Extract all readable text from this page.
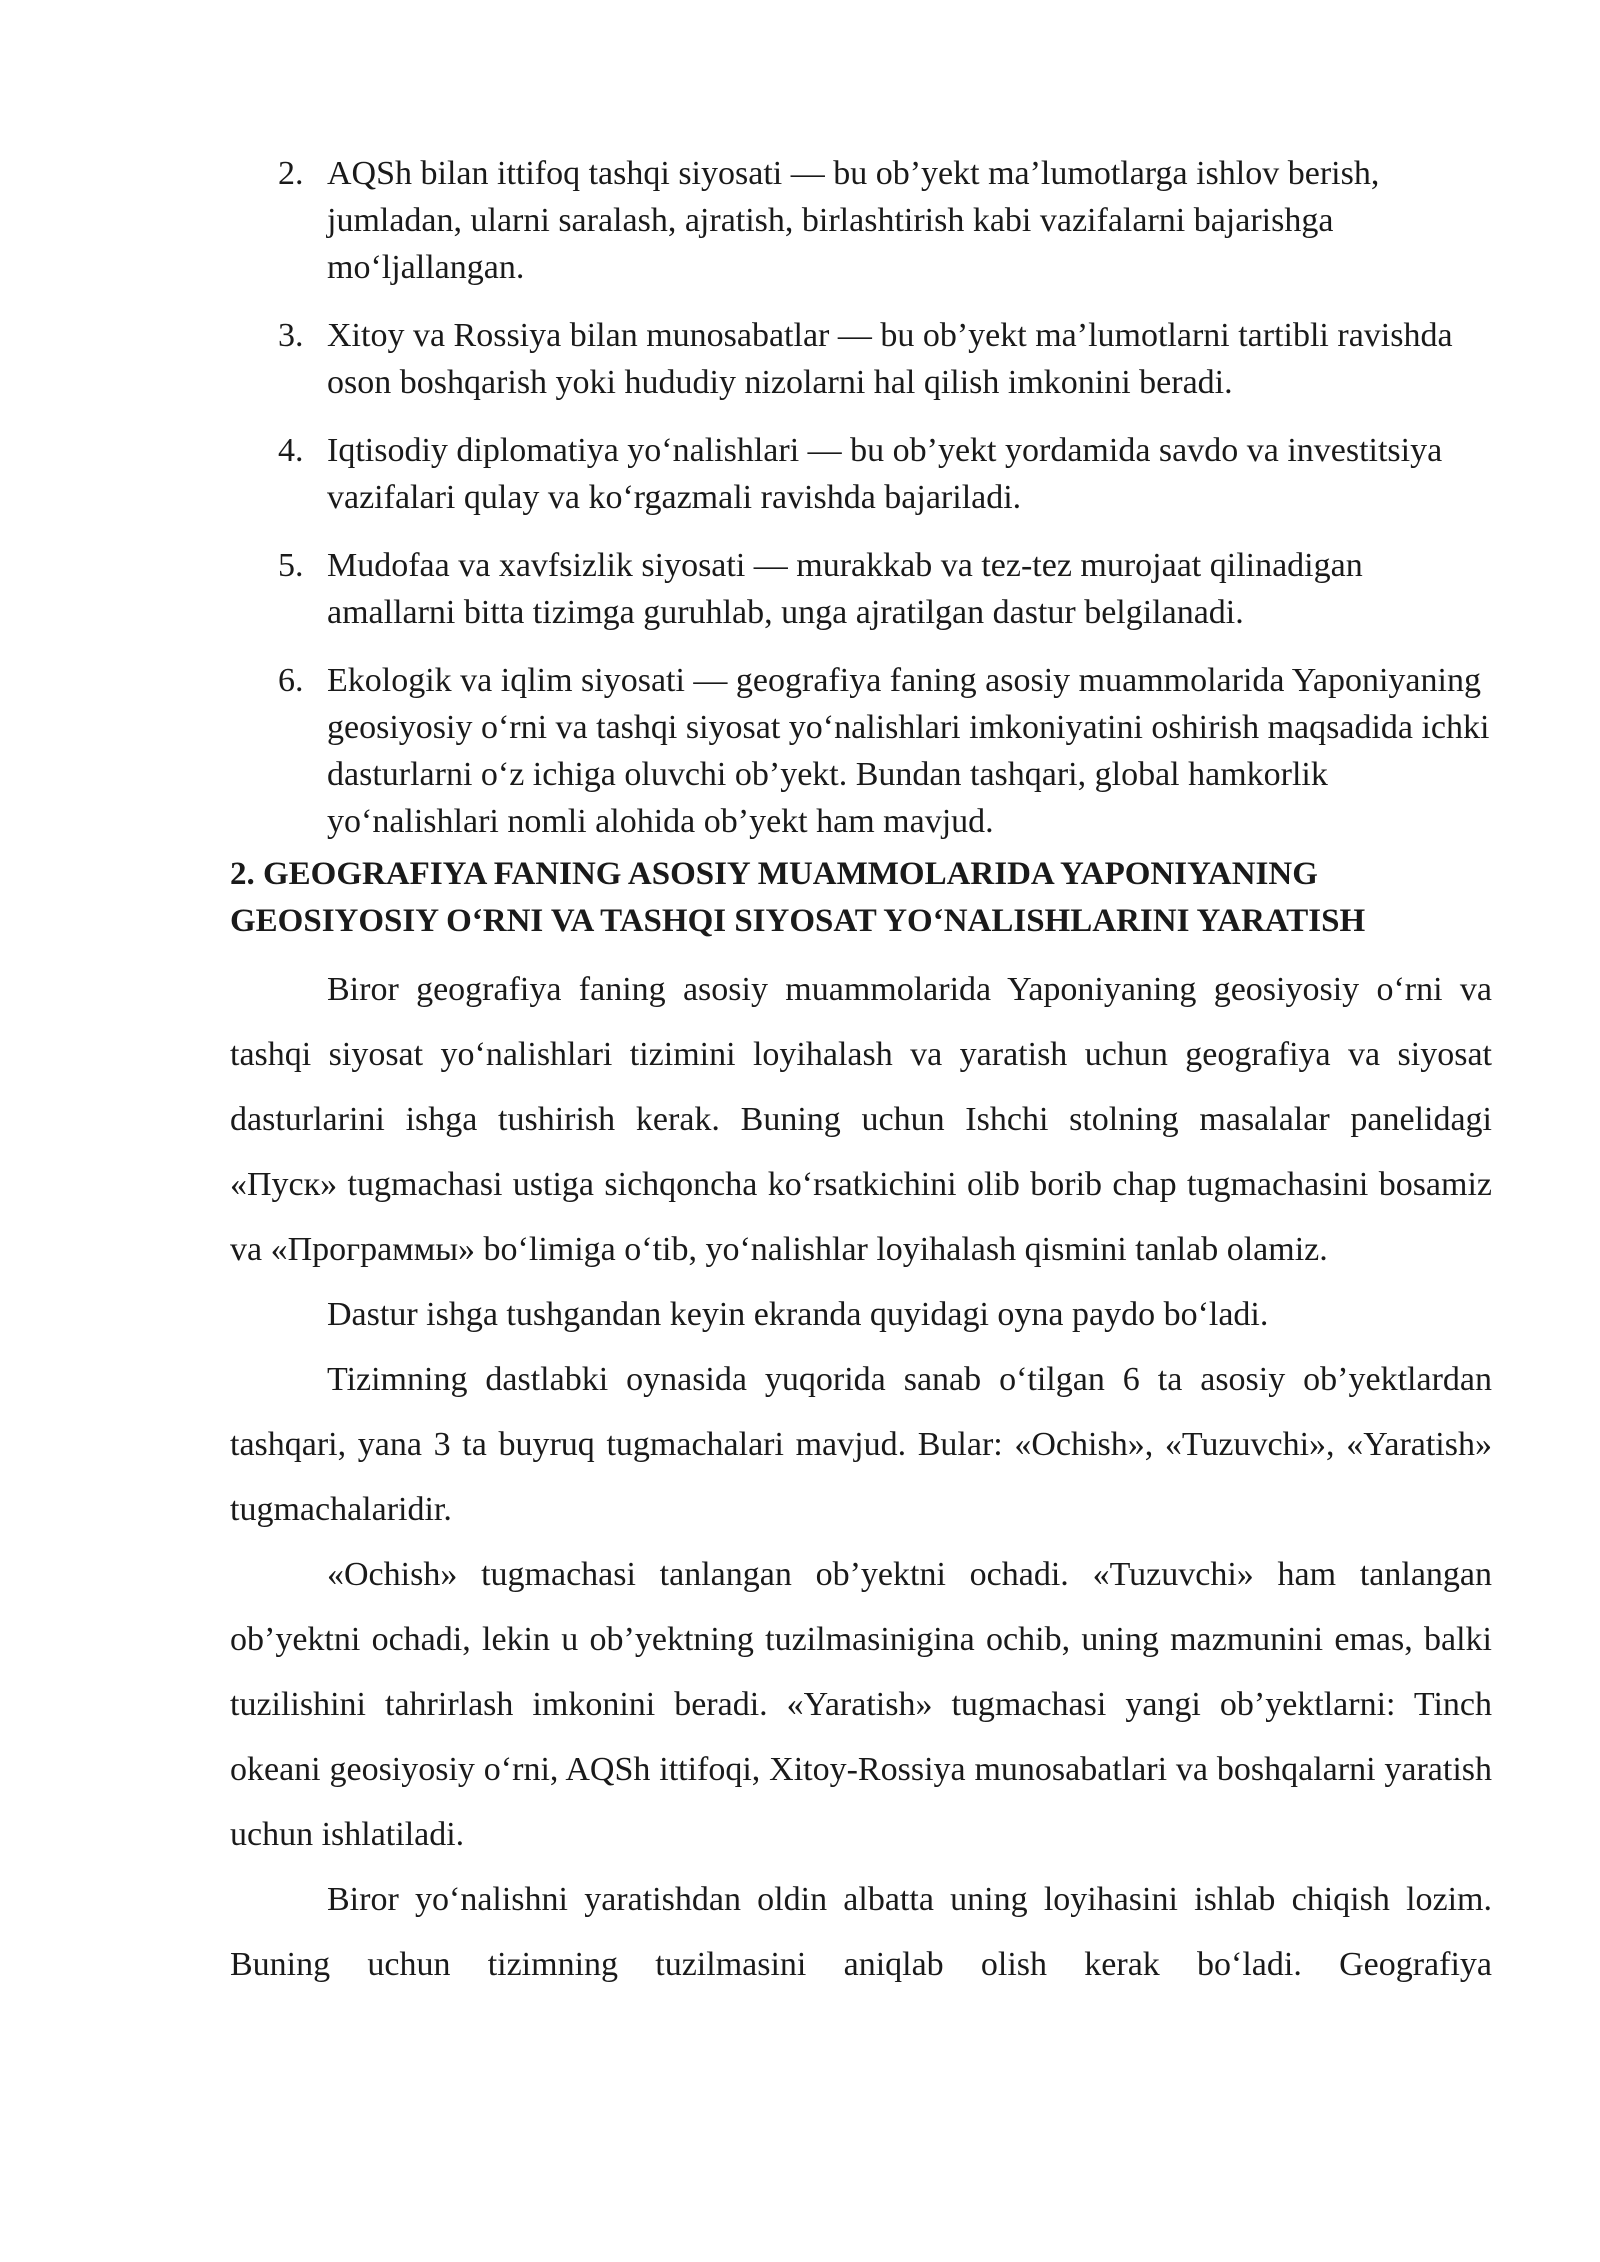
2. AQSh bilan ittifoq tashqi siyosati — bu ob’yekt ma’lumotlarga ishlov berish, jumladan, ularni saralash, ajratish, birlashtirish kabi vazifalarni bajarishga mo‘ljallangan.
3. Xitoy va Rossiya bilan munosabatlar — bu ob’yekt ma’lumotlarni tartibli ravishda oson boshqarish yoki hududiy nizolarni hal qilish imkonini beradi.
4. Iqtisodiy diplomatiya yo‘nalishlari — bu ob’yekt yordamida savdo va investitsiya vazifalari qulay va ko‘rgazmali ravishda bajariladi.
5. Mudofaa va xavfsizlik siyosati — murakkab va tez-tez murojaat qilinadigan amallarni bitta tizimga guruhlab, unga ajratilgan dastur belgilanadi.
6. Ekologik va iqlim siyosati — geografiya faning asosiy muammolarida Yaponiyaning geosiyosiy o‘rni va tashqi siyosat yo‘nalishlari imkoniyatini oshirish maqsadida ichki dasturlarni o‘z ichiga oluvchi ob’yekt. Bundan tashqari, global hamkorlik yo‘nalishlari nomli alohida ob’yekt ham mavjud.
2. GEOGRAFIYA FANING ASOSIY MUAMMOLARIDA YAPONIYANING GEOSIYOSIY O‘RNI VA TASHQI SIYOSAT YO‘NALISHLARINI YARATISH

Biror geografiya faning asosiy muammolarida Yaponiyaning geosiyosiy o‘rni va tashqi siyosat yo‘nalishlari tizimini loyihalash va yaratish uchun geografiya va siyosat dasturlarini ishga tushirish kerak. Buning uchun Ishchi stolning masalalar panelidagi «Пуск» tugmachasi ustiga sichqoncha ko‘rsatkichini olib borib chap tugmachasini bosamiz va «Программы» bo‘limiga o‘tib, yo‘nalishlar loyihalash qismini tanlab olamiz.

Dastur ishga tushgandan keyin ekranda quyidagi oyna paydo bo‘ladi.

Tizimning dastlabki oynasida yuqorida sanab o‘tilgan 6 ta asosiy ob’yektlardan tashqari, yana 3 ta buyruq tugmachalari mavjud. Bular: «Ochish», «Tuzuvchi», «Yaratish» tugmachalaridir.

«Ochish» tugmachasi tanlangan ob’yektni ochadi. «Tuzuvchi» ham tanlangan ob’yektni ochadi, lekin u ob’yektning tuzilmasinigina ochib, uning mazmunini emas, balki tuzilishini tahrirlash imkonini beradi. «Yaratish» tugmachasi yangi ob’yektlarni: Tinch okeani geosiyosiy o‘rni, AQSh ittifoqi, Xitoy-Rossiya munosabatlari va boshqalarni yaratish uchun ishlatiladi.

Biror yo‘nalishni yaratishdan oldin albatta uning loyihasini ishlab chiqish lozim. Buning uchun tizimning tuzilmasini aniqlab olish kerak bo‘ladi. Geografiya
